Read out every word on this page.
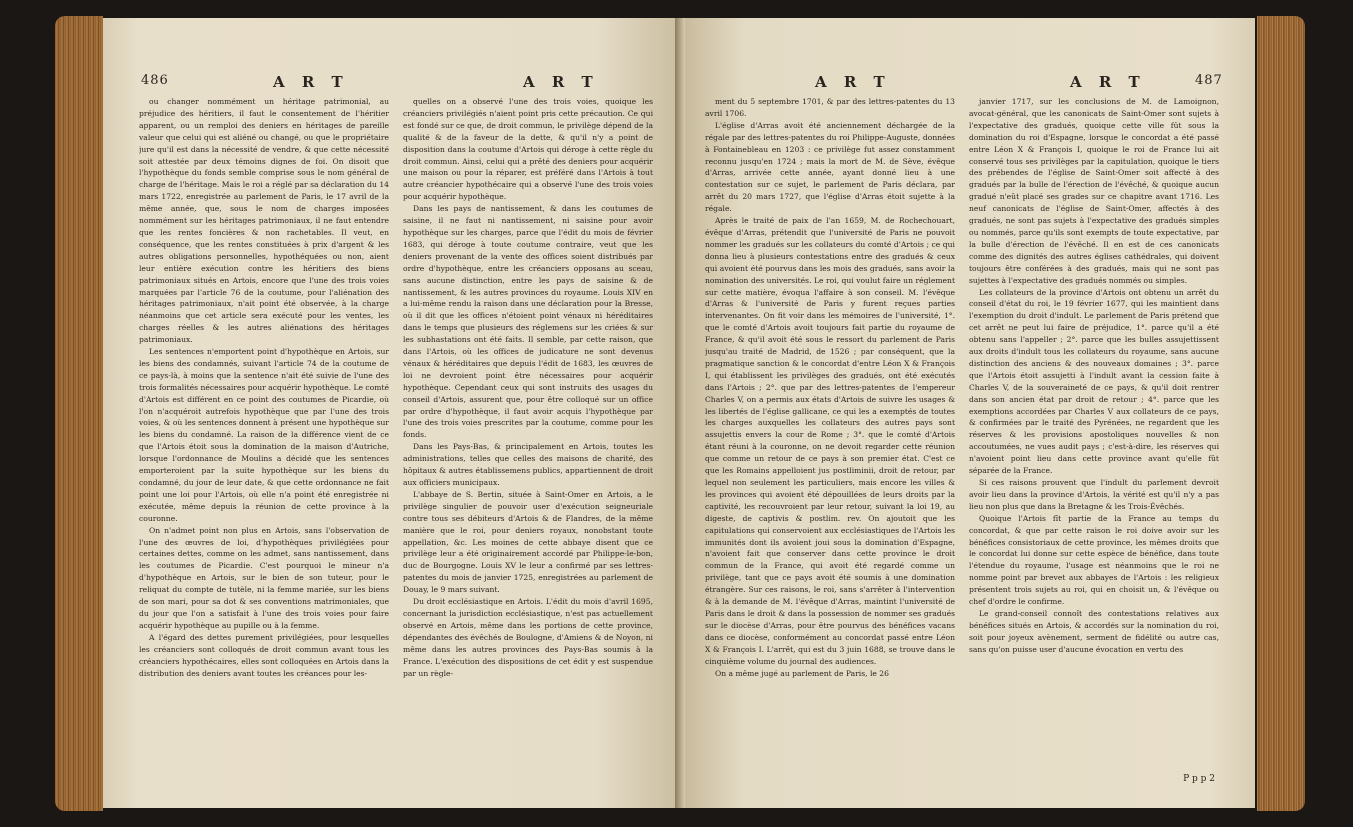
486	A R T	A R T

ou changer nommément un héritage patrimonial, au préjudice des héritiers, il faut le consentement de l'héritier apparent, ou un remploi des deniers en héritages de pareille valeur que celui qui est aliéné ou changé, ou que le propriétaire jure qu'il est dans la nécessité de vendre, & que cette nécessité soit attestée par deux témoins dignes de foi. On disoit que l'hypothèque du fonds semble comprise sous le nom général de charge de l'héritage. Mais le roi a réglé par sa déclaration du 14 mars 1722, enregistrée au parlement de Paris, le 17 avril de la même année, que, sous le nom de charges imposées nommément sur les héritages patrimoniaux, il ne faut entendre que les rentes foncières & non rachetables. Il veut, en conséquence, que les rentes constituées à prix d'argent & les autres obligations personnelles, hypothéquées ou non, aient leur entière exécution contre les héritiers des biens patrimoniaux situés en Artois, encore que l'une des trois voies marquées par l'article 76 de la coutume, pour l'aliénation des héritages patrimoniaux, n'ait point été observée, à la charge néanmoins que cet article sera exécuté pour les ventes, les charges réelles & les autres aliénations des héritages patrimoniaux.

Les sentences n'emportent point d'hypothèque en Artois, sur les biens des condamnés, suivant l'article 74 de la coutume de ce pays-là, à moins que la sentence n'ait été suivie de l'une des trois formalités nécessaires pour acquérir hypothèque. Le comté d'Artois est différent en ce point des coutumes de Picardie, où l'on n'acquéroit autrefois hypothèque que par l'une des trois voies, & où les sentences donnent à présent une hypothèque sur les biens du condamné. La raison de la différence vient de ce que l'Artois étoit sous la domination de la maison d'Autriche, lorsque l'ordonnance de Moulins a décidé que les sentences emporteroient par la suite hypothèque sur les biens du condamné, du jour de leur date, & que cette ordonnance ne fait point une loi pour l'Artois, où elle n'a point été enregistrée ni exécutée, même depuis la réunion de cette province à la couronne.

On n'admet point non plus en Artois, sans l'observation de l'une des œuvres de loi, d'hypothèques privilégiées pour certaines dettes, comme on les admet, sans nantissement, dans les coutumes de Picardie. C'est pourquoi le mineur n'a d'hypothèque en Artois, sur le bien de son tuteur, pour le reliquat du compte de tutèle, ni la femme mariée, sur les biens de son mari, pour sa dot & ses conventions matrimoniales, que du jour que l'on a satisfait à l'une des trois voies pour faire acquérir hypothèque au pupille ou à la femme.

A l'égard des dettes purement privilégiées, pour lesquelles les créanciers sont colloqués de droit commun avant tous les créanciers hypothécaires, elles sont colloquées en Artois dans la distribution des deniers avant toutes les créances pour les-

quelles on a observé l'une des trois voies, quoique les créanciers privilégiés n'aient point pris cette précaution. Ce qui est fondé sur ce que, de droit commun, le privilège dépend de la qualité & de la faveur de la dette, & qu'il n'y a point de disposition dans la coutume d'Artois qui déroge à cette règle du droit commun. Ainsi, celui qui a prêté des deniers pour acquérir une maison ou pour la réparer, est préféré dans l'Artois à tout autre créancier hypothécaire qui a observé l'une des trois voies pour acquérir hypothèque.

Dans les pays de nantissement, & dans les coutumes de saisine, il ne faut ni nantissement, ni saisine pour avoir hypothèque sur les charges, parce que l'édit du mois de février 1683, qui déroge à toute coutume contraire, veut que les deniers provenant de la vente des offices soient distribués par ordre d'hypothèque, entre les créanciers opposans au sceau, sans aucune distinction, entre les pays de saisine & de nantissement, & les autres provinces du royaume. Louis XIV en a lui-même rendu la raison dans une déclaration pour la Bresse, où il dit que les offices n'étoient point vénaux ni héréditaires dans le temps que plusieurs des réglemens sur les criées & sur les subhastations ont été faits. Il semble, par cette raison, que dans l'Artois, où les offices de judicature ne sont devenus vénaux & héréditaires que depuis l'édit de 1683, les œuvres de loi ne devroient point être nécessaires pour acquérir hypothèque. Cependant ceux qui sont instruits des usages du conseil d'Artois, assurent que, pour être colloqué sur un office par ordre d'hypothèque, il faut avoir acquis l'hypothèque par l'une des trois voies prescrites par la coutume, comme pour les fonds.

Dans les Pays-Bas, & principalement en Artois, toutes les administrations, telles que celles des maisons de charité, des hôpitaux & autres établissemens publics, appartiennent de droit aux officiers municipaux.

L'abbaye de S. Bertin, située à Saint-Omer en Artois, a le privilège singulier de pouvoir user d'exécution seigneuriale contre tous ses débiteurs d'Artois & de Flandres, de la même manière que le roi, pour deniers royaux, nonobstant toute appellation, &c. Les moines de cette abbaye disent que ce privilège leur a été originairement accordé par Philippe-le-bon, duc de Bourgogne. Louis XV le leur a confirmé par ses lettres-patentes du mois de janvier 1725, enregistrées au parlement de Douay, le 9 mars suivant.

Du droit ecclésiastique en Artois. L'édit du mois d'avril 1695, concernant la jurisdiction ecclésiastique, n'est pas actuellement observé en Artois, même dans les portions de cette province, dépendantes des évêchés de Boulogne, d'Amiens & de Noyon, ni même dans les autres provinces des Pays-Bas soumis à la France. L'exécution des dispositions de cet édit y est suspendue par un règle-

A R T	A R T	487

ment du 5 septembre 1701, & par des lettres-patentes du 13 avril 1706.

L'église d'Arras avoit été anciennement déchargée de la régale par des lettres-patentes du roi Philippe-Auguste, données à Fontainebleau en 1203 : ce privilège fut assez constamment reconnu jusqu'en 1724 ; mais la mort de M. de Sève, évêque d'Arras, arrivée cette année, ayant donné lieu à une contestation sur ce sujet, le parlement de Paris déclara, par arrêt du 20 mars 1727, que l'église d'Arras étoit sujette à la régale.

Après le traité de paix de l'an 1659, M. de Rochechouart, évêque d'Arras, prétendit que l'université de Paris ne pouvoit nommer les gradués sur les collateurs du comté d'Artois ; ce qui donna lieu à plusieurs contestations entre des gradués & ceux qui avoient été pourvus dans les mois des gradués, sans avoir la nomination des universités. Le roi, qui voulut faire un réglement sur cette matière, évoqua l'affaire à son conseil. M. l'évêque d'Arras & l'université de Paris y furent reçues parties intervenantes. On fit voir dans les mémoires de l'université, 1°. que le comté d'Artois avoit toujours fait partie du royaume de France, & qu'il avoit été sous le ressort du parlement de Paris jusqu'au traité de Madrid, de 1526 ; par conséquent, que la pragmatique sanction & le concordat d'entre Léon X & François I, qui établissent les privilèges des gradués, ont été exécutés dans l'Artois ; 2°. que par des lettres-patentes de l'empereur Charles V, on a permis aux états d'Artois de suivre les usages & les libertés de l'église gallicane, ce qui les a exemptés de toutes les charges auxquelles les collateurs des autres pays sont assujettis envers la cour de Rome ; 3°. que le comté d'Artois étant réuni à la couronne, on ne devoit regarder cette réunion que comme un retour de ce pays à son premier état. C'est ce que les Romains appelloient jus postliminii, droit de retour, par lequel non seulement les particuliers, mais encore les villes & les provinces qui avoient été dépouillées de leurs droits par la captivité, les recouvroient par leur retour, suivant la loi 19, au digeste, de captivis & postlim. rev. On ajoutoit que les capitulations qui conservoient aux ecclésiastiques de l'Artois les immunités dont ils avoient joui sous la domination d'Espagne, n'avoient fait que conserver dans cette province le droit commun de la France, qui avoit été regardé comme un privilège, tant que ce pays avoit été soumis à une domination étrangère. Sur ces raisons, le roi, sans s'arrêter à l'intervention & à la demande de M. l'évêque d'Arras, maintint l'université de Paris dans le droit & dans la possession de nommer ses gradués sur le diocèse d'Arras, pour être pourvus des bénéfices vacans dans ce diocèse, conformément au concordat passé entre Léon X & François I. L'arrêt, qui est du 3 juin 1688, se trouve dans le cinquième volume du journal des audiences.

On a même jugé au parlement de Paris, le 26

janvier 1717, sur les conclusions de M. de Lamoignon, avocat-général, que les canonicats de Saint-Omer sont sujets à l'expectative des gradués, quoique cette ville fût sous la domination du roi d'Espagne, lorsque le concordat a été passé entre Léon X & François I, quoique le roi de France lui ait conservé tous ses privilèges par la capitulation, quoique le tiers des prébendes de l'église de Saint-Omer soit affecté à des gradués par la bulle de l'érection de l'évêché, & quoique aucun gradué n'eût placé ses grades sur ce chapitre avant 1716. Les neuf canonicats de l'église de Saint-Omer, affectés à des gradués, ne sont pas sujets à l'expectative des gradués simples ou nommés, parce qu'ils sont exempts de toute expectative, par la bulle d'érection de l'évêché. Il en est de ces canonicats comme des dignités des autres églises cathédrales, qui doivent toujours être conférées à des gradués, mais qui ne sont pas sujettes à l'expectative des gradués nommés ou simples.

Les collateurs de la province d'Artois ont obtenu un arrêt du conseil d'état du roi, le 19 février 1677, qui les maintient dans l'exemption du droit d'indult. Le parlement de Paris prétend que cet arrêt ne peut lui faire de préjudice, 1°. parce qu'il a été obtenu sans l'appeller ; 2°. parce que les bulles assujettissent aux droits d'indult tous les collateurs du royaume, sans aucune distinction des anciens & des nouveaux domaines ; 3°. parce que l'Artois étoit assujetti à l'indult avant la cession faite à Charles V, de la souveraineté de ce pays, & qu'il doit rentrer dans son ancien état par droit de retour ; 4°. parce que les exemptions accordées par Charles V aux collateurs de ce pays, & confirmées par le traité des Pyrénées, ne regardent que les réserves & les provisions apostoliques nouvelles & non accoutumées, ne vues audit pays ; c'est-à-dire, les réserves qui n'avoient point lieu dans cette province avant qu'elle fût séparée de la France.

Si ces raisons prouvent que l'indult du parlement devroit avoir lieu dans la province d'Artois, la vérité est qu'il n'y a pas lieu non plus que dans la Bretagne & les Trois-Évêchés.

Quoique l'Artois fît partie de la France au temps du concordat, & que par cette raison le roi doive avoir sur les bénéfices consistoriaux de cette province, les mêmes droits que le concordat lui donne sur cette espèce de bénéfice, dans toute l'étendue du royaume, l'usage est néanmoins que le roi ne nomme point par brevet aux abbayes de l'Artois : les religieux présentent trois sujets au roi, qui en choisit un, & l'évêque ou chef d'ordre le confirme.

Le grand-conseil connoît des contestations relatives aux bénéfices situés en Artois, & accordés sur la nomination du roi, soit pour joyeux avènement, serment de fidélité ou autre cas, sans qu'on puisse user d'aucune évocation en vertu des

P p p 2
